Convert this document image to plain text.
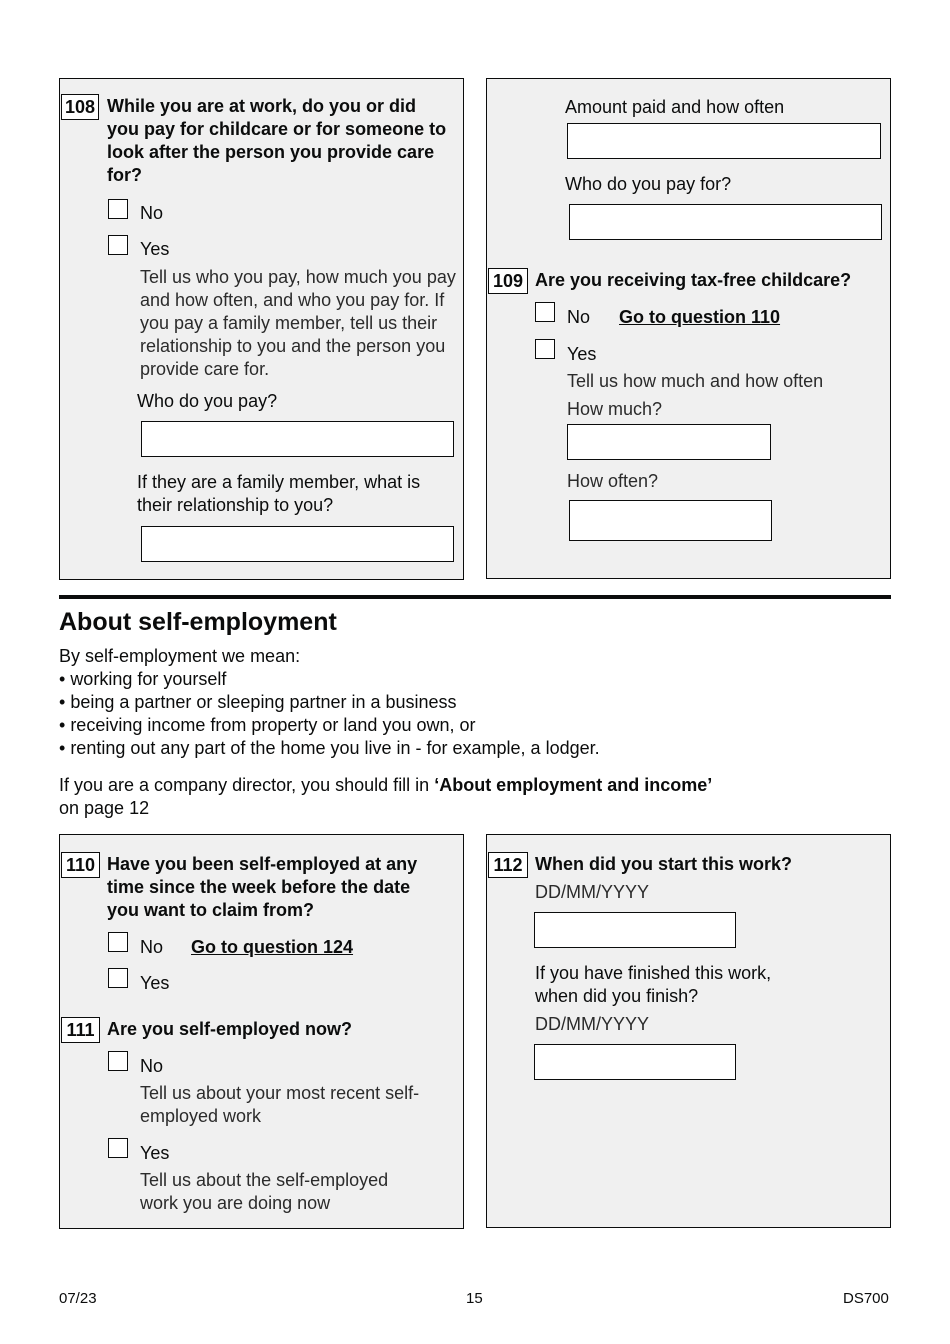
108 While you are at work, do you or did you pay for childcare or for someone to look after the person you provide care for?
No
Yes
Tell us who you pay, how much you pay and how often, and who you pay for. If you pay a family member, tell us their relationship to you and the person you provide care for.
Who do you pay?
If they are a family member, what is their relationship to you?
Amount paid and how often
Who do you pay for?
109 Are you receiving tax-free childcare?
No Go to question 110
Yes
Tell us how much and how often
How much?
How often?
About self-employment
By self-employment we mean:
• working for yourself
• being a partner or sleeping partner in a business
• receiving income from property or land you own, or
• renting out any part of the home you live in - for example, a lodger.
If you are a company director, you should fill in ‘About employment and income’
on page 12
110 Have you been self-employed at any time since the week before the date you want to claim from?
No Go to question 124
Yes
111 Are you self-employed now?
No
Tell us about your most recent self-employed work
Yes
Tell us about the self-employed work you are doing now
112 When did you start this work?
DD/MM/YYYY
If you have finished this work, when did you finish?
DD/MM/YYYY
07/23	15	DS700
